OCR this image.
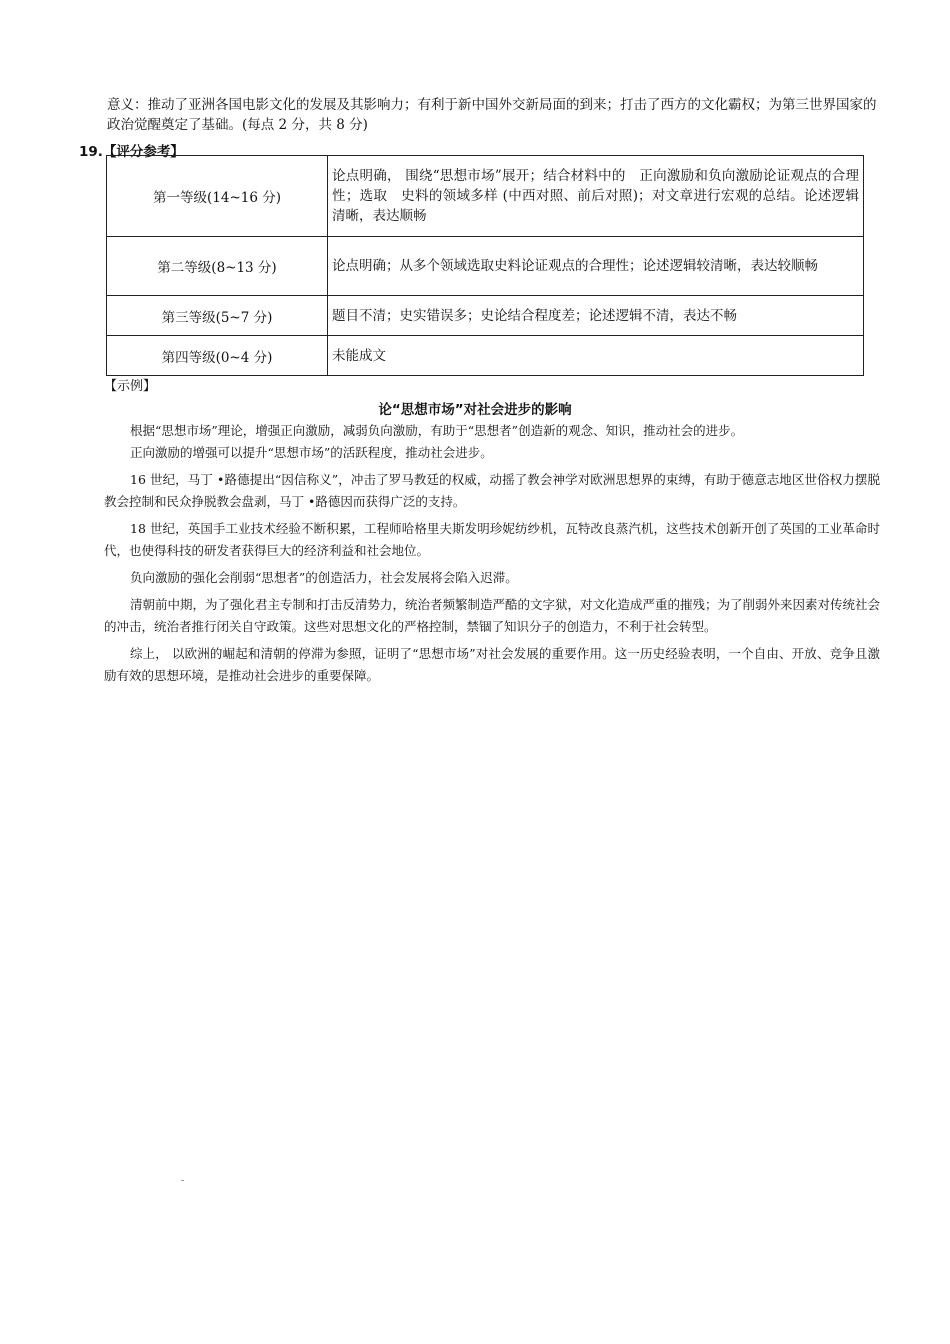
意义：推动了亚洲各国电影文化的发展及其影响力；有利于新中国外交新局面的到来；打击了西方的文化霸权；为第三世界国家的政治觉醒奠定了基础。(每点 2 分，共 8 分)
19.【评分参考】
第一等级(14~16 分)	论点明确， 围绕“思想市场”展开；结合材料中的　正向激励和负向激励论证观点的合理性；选取　史料的领域多样 (中西对照、前后对照)；对文章进行宏观的总结。论述逻辑清晰，表达顺畅
第二等级(8~13 分)	论点明确；从多个领域选取史料论证观点的合理性；论述逻辑较清晰，表达较顺畅
第三等级(5~7 分)	题目不清；史实错误多；史论结合程度差；论述逻辑不清，表达不畅
第四等级(0~4 分)	未能成文
【示例】
论“思想市场”对社会进步的影响

根据“思想市场”理论，增强正向激励，减弱负向激励，有助于“思想者”创造新的观念、知识，推动社会的进步。

正向激励的增强可以提升“思想市场”的活跃程度，推动社会进步。

16 世纪，马丁 •路德提出“因信称义”，冲击了罗马教廷的权威，动摇了教会神学对欧洲思想界的束缚，有助于德意志地区世俗权力摆脱教会控制和民众挣脱教会盘剥，马丁 •路德因而获得广泛的支持。

18 世纪，英国手工业技术经验不断积累，工程师哈格里夫斯发明珍妮纺纱机，瓦特改良蒸汽机，这些技术创新开创了英国的工业革命时代，也使得科技的研发者获得巨大的经济利益和社会地位。

负向激励的强化会削弱“思想者”的创造活力，社会发展将会陷入迟滞。

清朝前中期，为了强化君主专制和打击反清势力，统治者频繁制造严酷的文字狱，对文化造成严重的摧残；为了削弱外来因素对传统社会的冲击，统治者推行闭关自守政策。这些对思想文化的严格控制，禁锢了知识分子的创造力，不利于社会转型。

综上， 以欧洲的崛起和清朝的停滞为参照，证明了“思想市场”对社会发展的重要作用。这一历史经验表明，一个自由、开放、竞争且激励有效的思想环境，是推动社会进步的重要保障。
